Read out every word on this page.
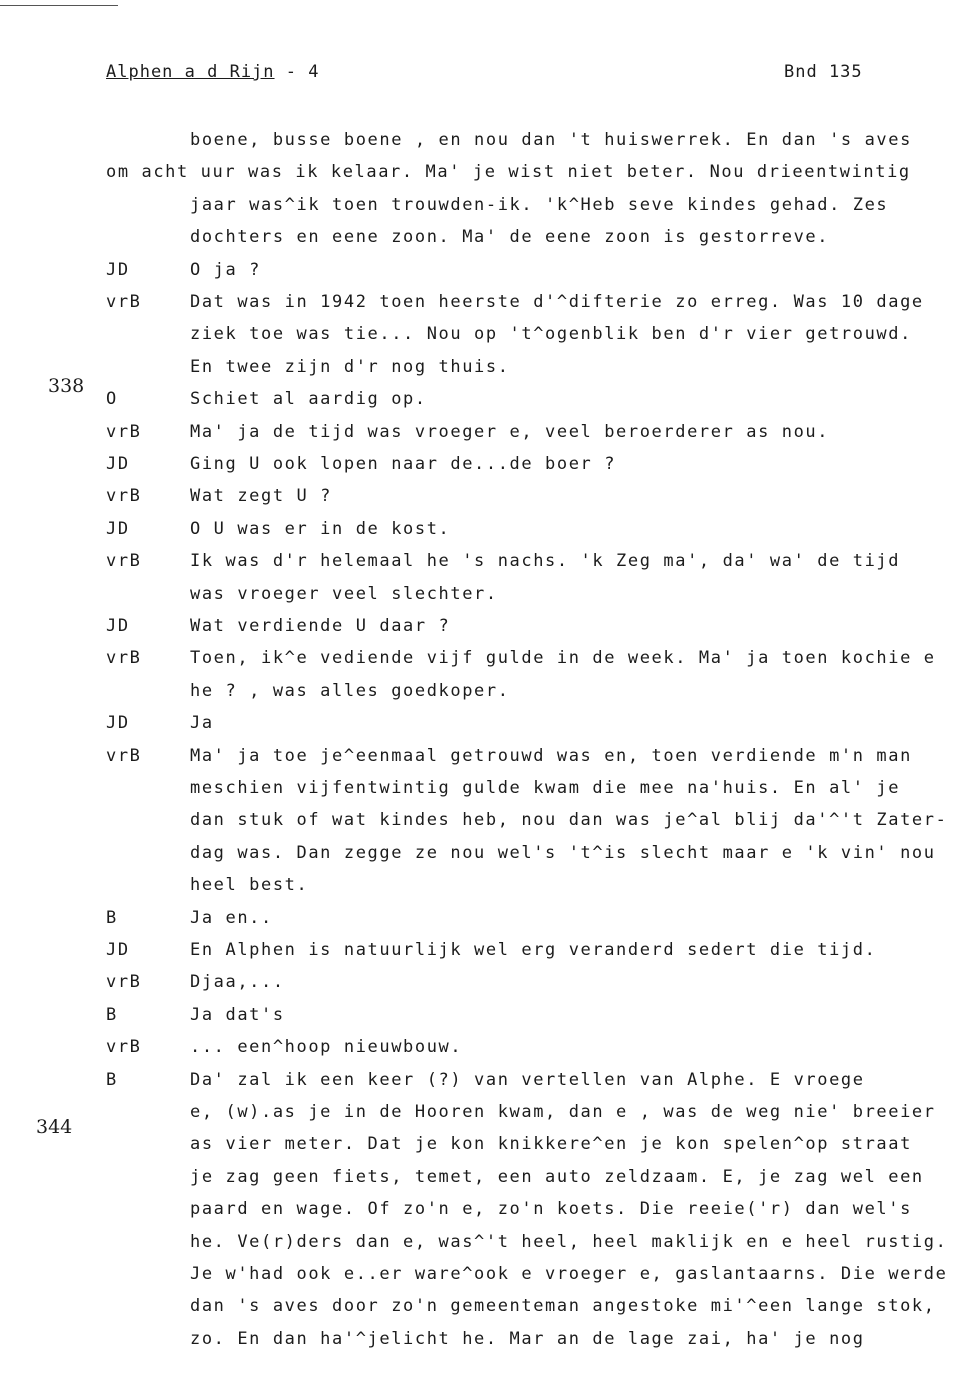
Alphen a d Rijn - 4	Bnd 135
338
344
boene, busse boene , en nou dan 't huiswerrek. En dan 's aves
om acht uur was ik kelaar. Ma' je wist niet beter. Nou drieentwintig
jaar was^ik toen trouwden-ik. 'k^Heb seve kindes gehad. Zes
dochters en eene zoon. Ma' de eene zoon is gestorreve.
JD	O ja ?
vrB	Dat was in 1942 toen heerste d'^difterie zo erreg. Was 10 dage
ziek toe was tie... Nou op 't^ogenblik ben d'r vier getrouwd.
En twee zijn d'r nog thuis.
O	Schiet al aardig op.
vrB	Ma' ja de tijd was vroeger e, veel beroerderer as nou.
JD	Ging U ook lopen naar de...de boer ?
vrB	Wat zegt U ?
JD	O U was er in de kost.
vrB	Ik was d'r helemaal he 's nachs. 'k Zeg ma', da' wa' de tijd
was vroeger veel slechter.
JD	Wat verdiende U daar ?
vrB	Toen, ik^e vediende vijf gulde in de week. Ma' ja toen kochie e
he ? , was alles goedkoper.
JD	Ja
vrB	Ma' ja toe je^eenmaal getrouwd was en, toen verdiende m'n man
meschien vijfentwintig gulde kwam die mee na'huis. En al' je
dan stuk of wat kindes heb, nou dan was je^al blij da'^'t Zater-
dag was. Dan zegge ze nou wel's 't^is slecht maar e 'k vin' nou
heel best.
B	Ja en..
JD	En Alphen is natuurlijk wel erg veranderd sedert die tijd.
vrB	Djaa,...
B	Ja dat's
vrB	... een^hoop nieuwbouw.
B	Da' zal ik een keer (?) van vertellen van Alphe. E vroege
e, (w).as je in de Hooren kwam, dan e , was de weg nie' breeier
as vier meter. Dat je kon knikkere^en je kon spelen^op straat
je zag geen fiets, temet, een auto zeldzaam. E, je zag wel een
paard en wage. Of zo'n e, zo'n koets. Die reeie('r) dan wel's
he. Ve(r)ders dan e, was^'t heel, heel maklijk en e heel rustig.
Je w'had ook e..er ware^ook e vroeger e, gaslantaarns. Die werde
dan 's aves door zo'n gemeenteman angestoke mi'^een lange stok,
zo. En dan ha'^jelicht he. Mar an de lage zai, ha' je nog
